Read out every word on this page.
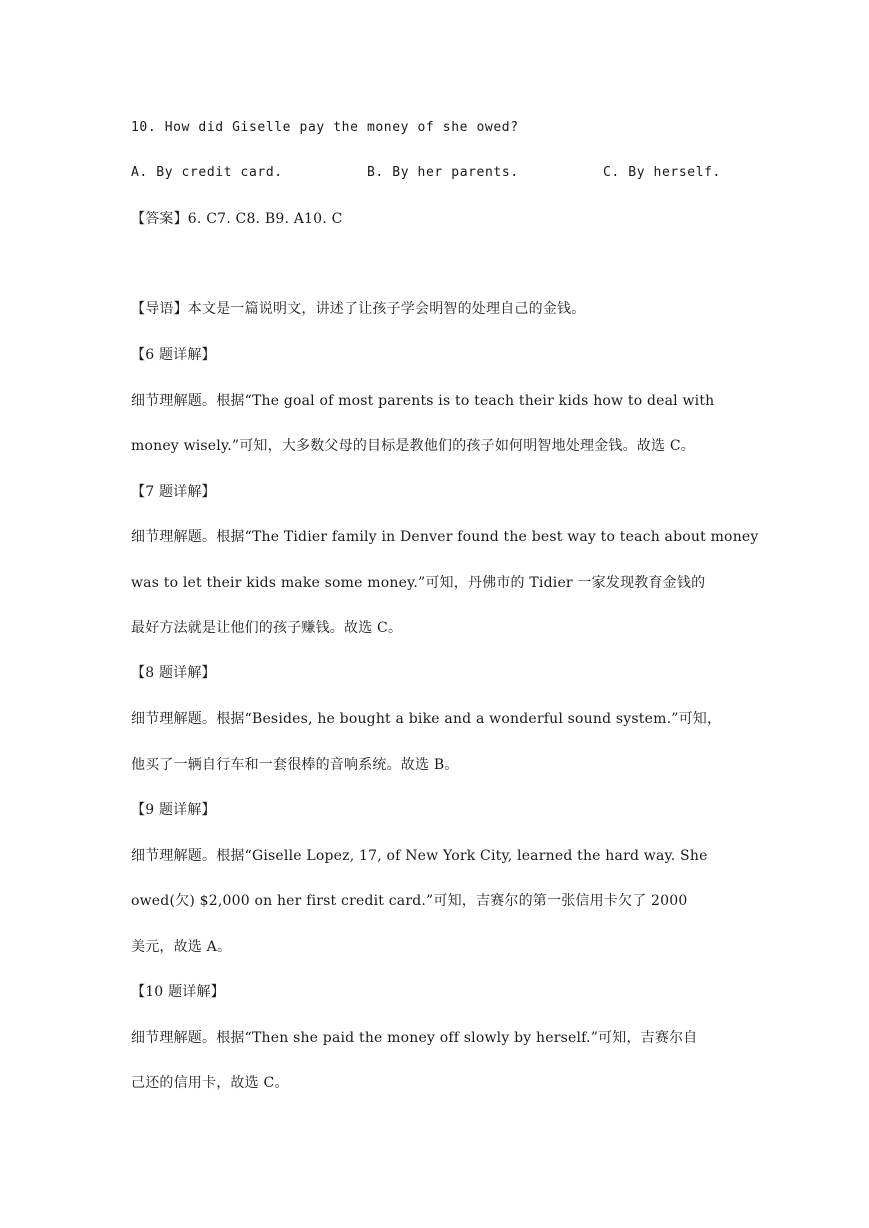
10. How did Giselle pay the money of she owed?
A. By credit card.	B. By her parents.	C. By herself.
【答案】6. C7. C8. B9. A10. C
【导语】本文是一篇说明文，讲述了让孩子学会明智的处理自己的金钱。
【6 题详解】
细节理解题。根据“The goal of most parents is to teach their kids how to deal with
money wisely.”可知，大多数父母的目标是教他们的孩子如何明智地处理金钱。故选 C。
【7 题详解】
细节理解题。根据“The Tidier family in Denver found the best way to teach about money
was to let their kids make some money.”可知，丹佛市的 Tidier 一家发现教育金钱的
最好方法就是让他们的孩子赚钱。故选 C。
【8 题详解】
细节理解题。根据“Besides, he bought a bike and a wonderful sound system.”可知，
他买了一辆自行车和一套很棒的音响系统。故选 B。
【9 题详解】
细节理解题。根据“Giselle Lopez, 17, of New York City, learned the hard way. She
owed(欠) $2,000 on her first credit card.”可知，吉赛尔的第一张信用卡欠了 2000
美元，故选 A。
【10 题详解】
细节理解题。根据“Then she paid the money off slowly by herself.”可知，吉赛尔自
己还的信用卡，故选 C。
